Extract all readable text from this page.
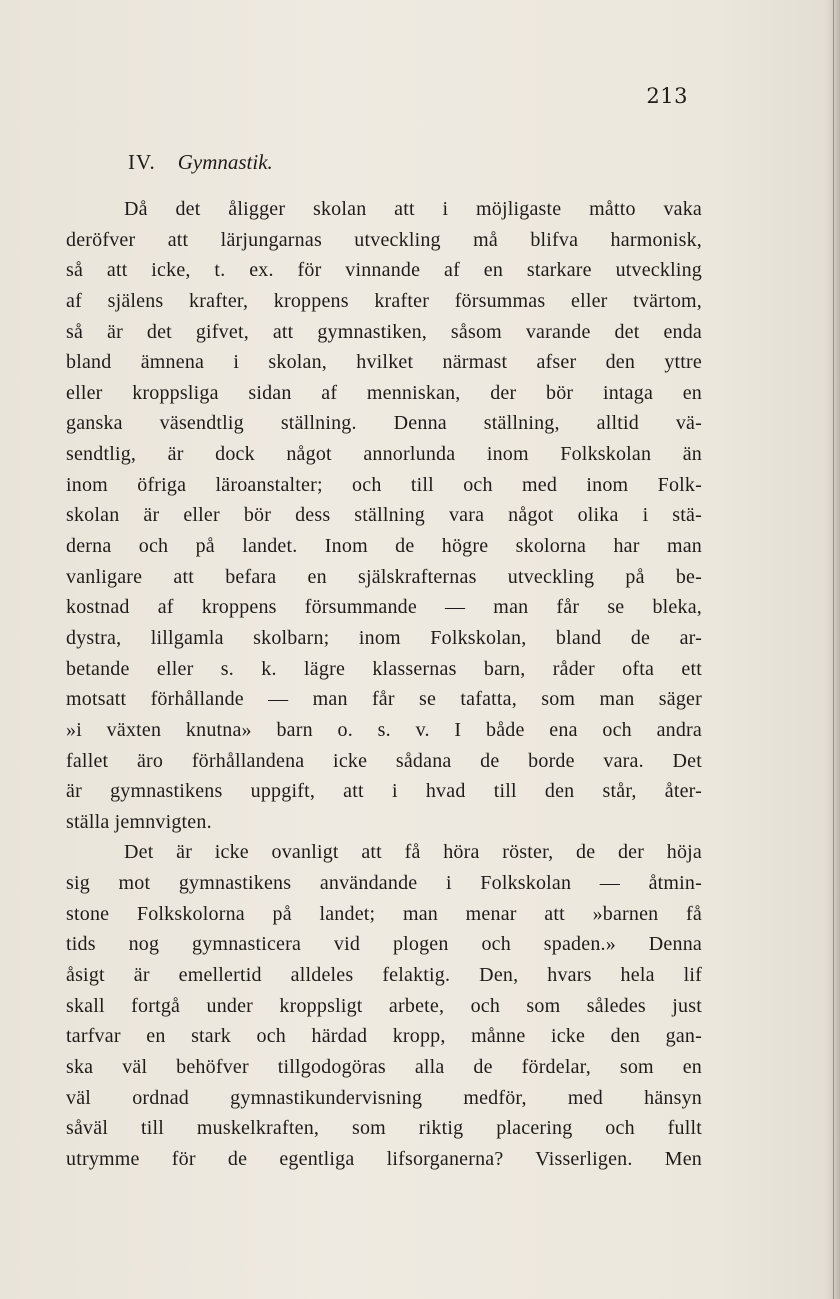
213
IV. Gymnastik.
Då det åligger skolan att i möjligaste måtto vaka
deröfver att lärjungarnas utveckling må blifva harmonisk,
så att icke, t. ex. för vinnande af en starkare utveckling
af själens krafter, kroppens krafter försummas eller tvärtom,
så är det gifvet, att gymnastiken, såsom varande det enda
bland ämnena i skolan, hvilket närmast afser den yttre
eller kroppsliga sidan af menniskan, der bör intaga en
ganska väsendtlig ställning. Denna ställning, alltid vä-
sendtlig, är dock något annorlunda inom Folkskolan än
inom öfriga läroanstalter; och till och med inom Folk-
skolan är eller bör dess ställning vara något olika i stä-
derna och på landet. Inom de högre skolorna har man
vanligare att befara en själskrafternas utveckling på be-
kostnad af kroppens försummande — man får se bleka,
dystra, lillgamla skolbarn; inom Folkskolan, bland de ar-
betande eller s. k. lägre klassernas barn, råder ofta ett
motsatt förhållande — man får se tafatta, som man säger
»i växten knutna» barn o. s. v. I både ena och andra
fallet äro förhållandena icke sådana de borde vara. Det
är gymnastikens uppgift, att i hvad till den står, åter-
ställa jemnvigten.
Det är icke ovanligt att få höra röster, de der höja
sig mot gymnastikens användande i Folkskolan — åtmin-
stone Folkskolorna på landet; man menar att »barnen få
tids nog gymnasticera vid plogen och spaden.» Denna
åsigt är emellertid alldeles felaktig. Den, hvars hela lif
skall fortgå under kroppsligt arbete, och som således just
tarfvar en stark och härdad kropp, månne icke den gan-
ska väl behöfver tillgodogöras alla de fördelar, som en
väl ordnad gymnastikundervisning medför, med hänsyn
såväl till muskelkraften, som riktig placering och fullt
utrymme för de egentliga lifsorganerna? Visserligen. Men
